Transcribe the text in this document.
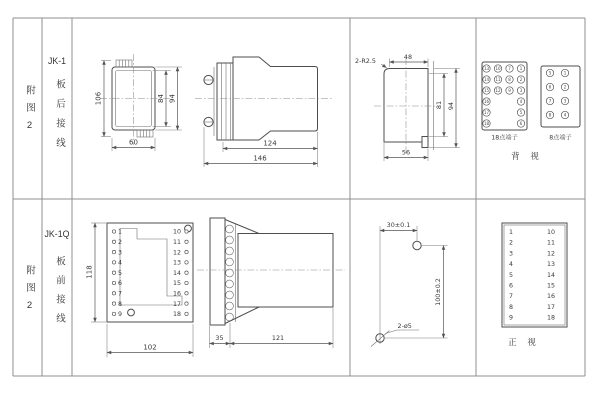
106	84 94
60	124
146
48
2-R2.5
81 94
56
13 10 7 1
14 11 8 2
15 12 9 3
16	4
17	5
18	6
5	1
6	2
7	3
8	4
18点端子	8点端子
背 视
1
2
3
4
5
6
7
8
9
10
11
12
13
14
15
16
17
18
118
102
35	121
30±0.1
2-ø5
100±0.2
1
2
3
4
5
6
7
8
9
10
11
12
13
14
15
16
17
18
正 视
附图2
JK-1
板后接线
附图2
JK-1Q
板前接线
